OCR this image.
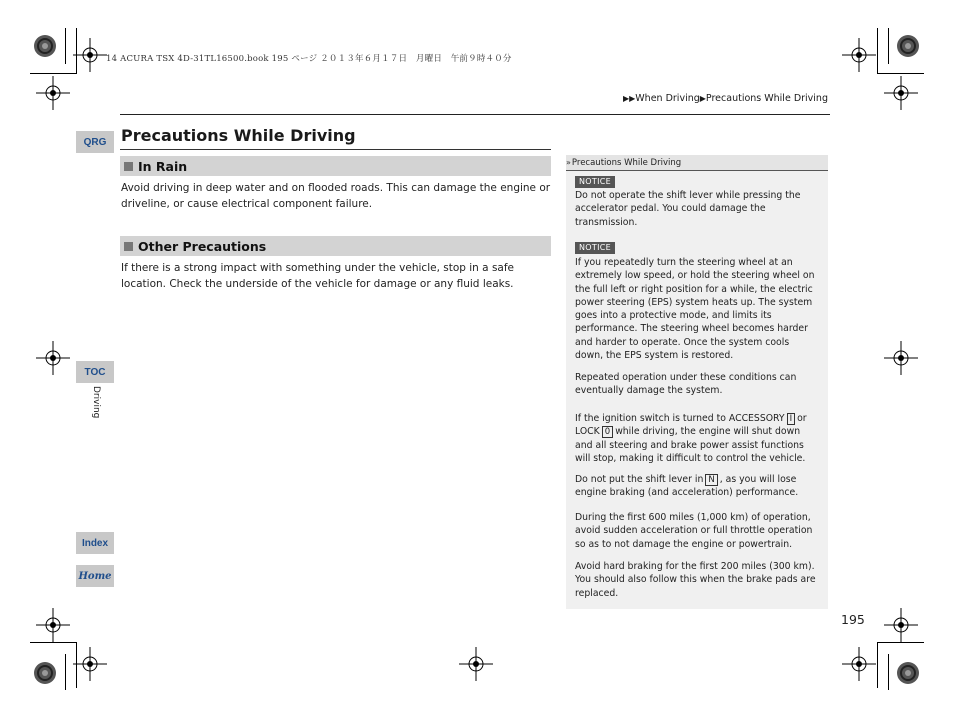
14 ACURA TSX 4D-31TL16500.book 195 ページ ２０１３年６月１７日　月曜日　午前９時４０分
▶▶When Driving▶Precautions While Driving
QRG
TOC
Driving
Index
Home
Precautions While Driving
In Rain
Avoid driving in deep water and on flooded roads. This can damage the engine or driveline, or cause electrical component failure.
Other Precautions
If there is a strong impact with something under the vehicle, stop in a safe location. Check the underside of the vehicle for damage or any fluid leaks.
» Precautions While Driving
NOTICE
Do not operate the shift lever while pressing the accelerator pedal. You could damage the transmission.
NOTICE
If you repeatedly turn the steering wheel at an extremely low speed, or hold the steering wheel on the full left or right position for a while, the electric power steering (EPS) system heats up. The system goes into a protective mode, and limits its performance. The steering wheel becomes harder and harder to operate. Once the system cools down, the EPS system is restored.
Repeated operation under these conditions can eventually damage the system.
If the ignition switch is turned to ACCESSORY I or LOCK 0 while driving, the engine will shut down and all steering and brake power assist functions will stop, making it difficult to control the vehicle.
Do not put the shift lever in N , as you will lose engine braking (and acceleration) performance.
During the first 600 miles (1,000 km) of operation, avoid sudden acceleration or full throttle operation so as to not damage the engine or powertrain.
Avoid hard braking for the first 200 miles (300 km). You should also follow this when the brake pads are replaced.
195
